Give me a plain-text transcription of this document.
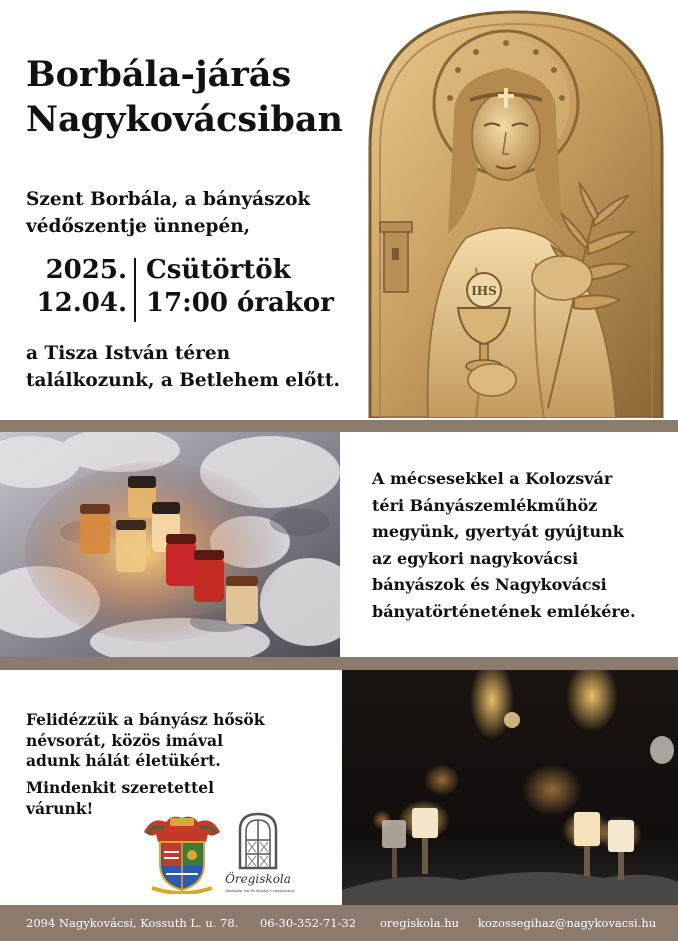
Borbála-járás
Nagykovácsiban

Szent Borbála, a bányászok
védőszentje ünnepén,

2025.
12.04.
Csütörtök
17:00 órakor

a Tisza István téren
találkozunk, a Betlehem előtt.

IHS

A mécsesekkel a Kolozsvár
téri Bányászemlékműhöz
megyünk, gyertyát gyújtunk
az egykori nagykovácsi
bányászok és Nagykovácsi
bányatörténetének emlékére.

Felidézzük a bányász hősök
névsorát, közös imával
adunk hálát életükért.

Mindenkit szeretettel
várunk!

Öregiskola
közösségi ház és ifjúsági • nagykovácsi
2094 Nagykovácsi, Kossuth L. u. 78. 06-30-352-71-32 oregiskola.hu kozossegihaz@nagykovacsi.hu
